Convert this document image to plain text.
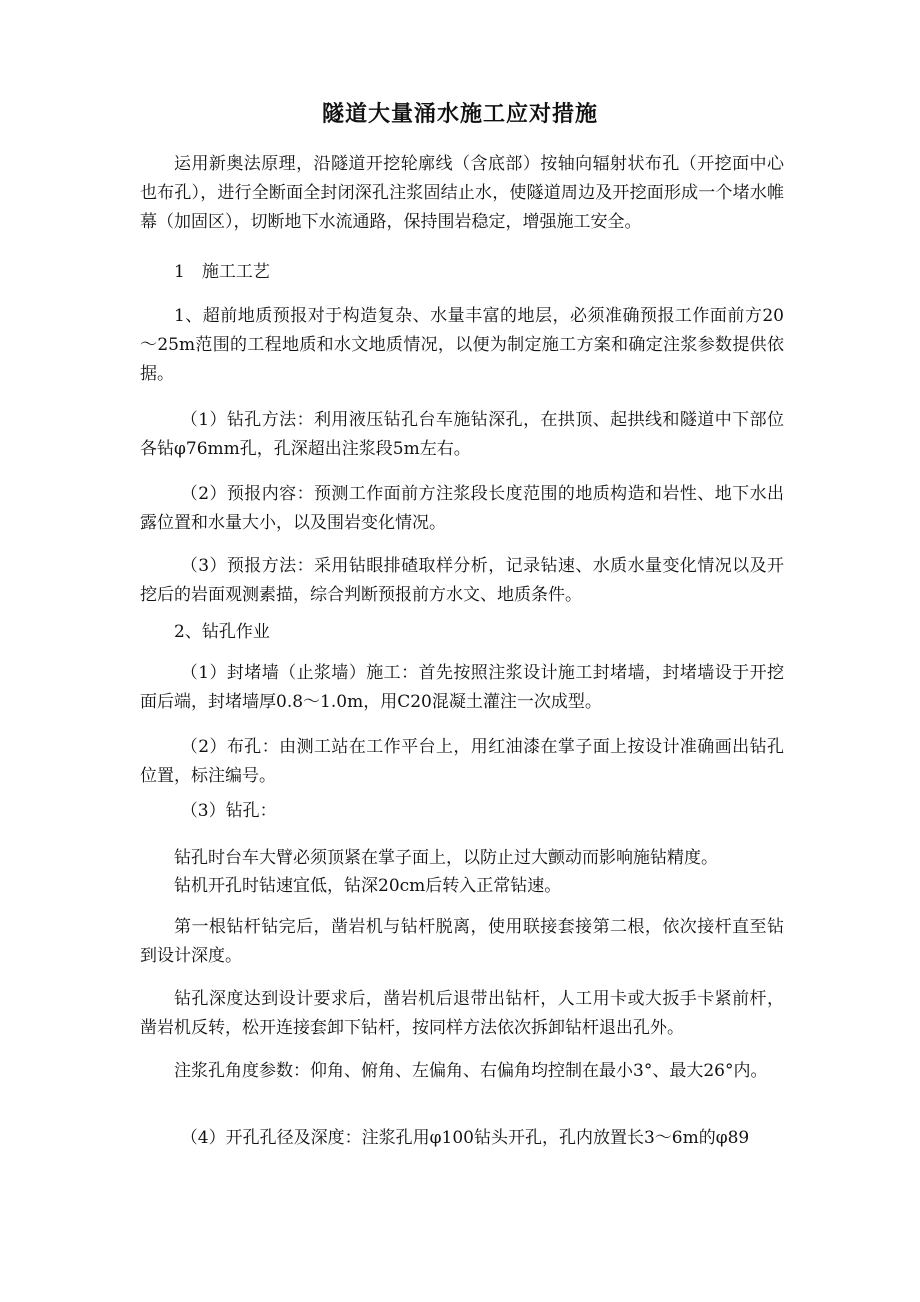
隧道大量涌水施工应对措施

运用新奥法原理，沿隧道开挖轮廓线（含底部）按轴向辐射状布孔（开挖面中心也布孔），进行全断面全封闭深孔注浆固结止水，使隧道周边及开挖面形成一个堵水帷幕（加固区），切断地下水流通路，保持围岩稳定，增强施工安全。

1　施工工艺

1、超前地质预报对于构造复杂、水量丰富的地层，必须准确预报工作面前方20～25m范围的工程地质和水文地质情况，以便为制定施工方案和确定注浆参数提供依据。

（1）钻孔方法：利用液压钻孔台车施钻深孔，在拱顶、起拱线和隧道中下部位各钻φ76mm孔，孔深超出注浆段5m左右。

（2）预报内容：预测工作面前方注浆段长度范围的地质构造和岩性、地下水出露位置和水量大小，以及围岩变化情况。

（3）预报方法：采用钻眼排碴取样分析，记录钻速、水质水量变化情况以及开挖后的岩面观测素描，综合判断预报前方水文、地质条件。

2、钻孔作业

（1）封堵墙（止浆墙）施工：首先按照注浆设计施工封堵墙，封堵墙设于开挖面后端，封堵墙厚0.8～1.0m，用C20混凝土灌注一次成型。

（2）布孔：由测工站在工作平台上，用红油漆在掌子面上按设计准确画出钻孔位置，标注编号。

（3）钻孔：

钻孔时台车大臂必须顶紧在掌子面上，以防止过大颤动而影响施钻精度。

钻机开孔时钻速宜低，钻深20cm后转入正常钻速。

第一根钻杆钻完后，凿岩机与钻杆脱离，使用联接套接第二根，依次接杆直至钻到设计深度。

钻孔深度达到设计要求后，凿岩机后退带出钻杆，人工用卡或大扳手卡紧前杆，凿岩机反转，松开连接套卸下钻杆，按同样方法依次拆卸钻杆退出孔外。

注浆孔角度参数：仰角、俯角、左偏角、右偏角均控制在最小3°、最大26°内。

（4）开孔孔径及深度：注浆孔用φ100钻头开孔，孔内放置长3～6m的φ89
